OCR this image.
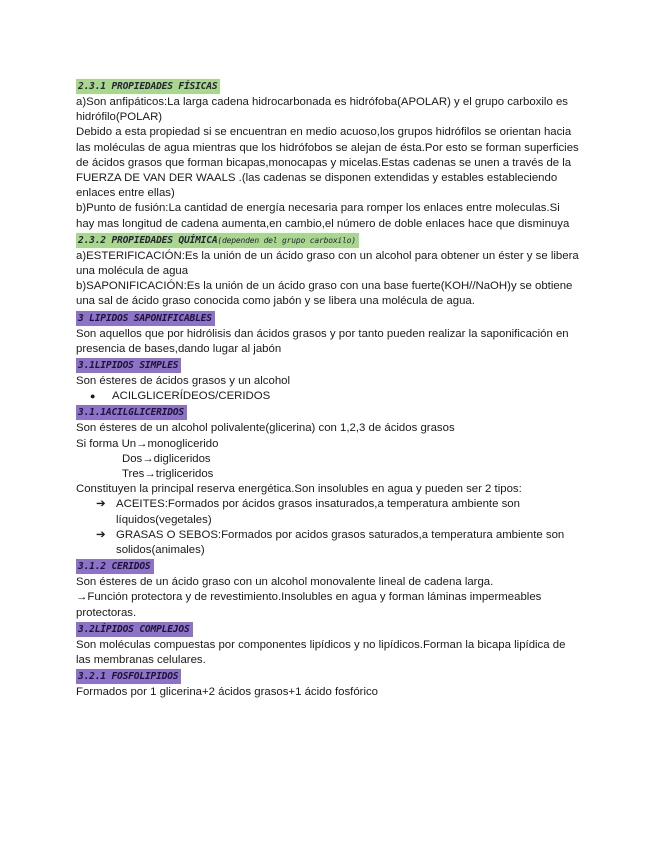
2.3.1 PROPIEDADES FÍSICAS

a)Son anfipáticos:La larga cadena hidrocarbonada es hidrófoba(APOLAR) y el grupo carboxilo es hidrófilo(POLAR)

Debido a esta propiedad si se encuentran en medio acuoso,los grupos hidrófilos se orientan hacia las moléculas de agua mientras que los hidrófobos se alejan de ésta.Por esto se forman superficies de ácidos grasos que forman bicapas,monocapas y micelas.Estas cadenas se unen a través de la FUERZA DE VAN DER WAALS .(las cadenas se disponen extendidas y estables estableciendo enlaces entre ellas)

b)Punto de fusión:La cantidad de energía necesaria para romper los enlaces entre moleculas.Si hay mas longitud de cadena aumenta,en cambio,el número de doble enlaces hace que disminuya

2.3.2 PROPIEDADES QUÍMICA(dependen del grupo carboxilo)

a)ESTERIFICACIÓN:Es la unión de un ácido graso con un alcohol para obtener un éster y se libera una molécula de agua

b)SAPONIFICACIÓN:Es la unión de un ácido graso con una base fuerte(KOH//NaOH)y se obtiene una sal de ácido graso conocida como jabón y se libera una molécula de agua.

3 LIPIDOS SAPONIFICABLES

Son aquellos que por hidrólisis dan ácidos grasos y por tanto pueden realizar la saponificación en presencia de bases,dando lugar al jabón

3.1LIPIDOS SIMPLES

Son ésteres de ácidos grasos y un alcohol

●	ACILGLICERÍDEOS/CERIDOS
3.1.1ACILGLICERIDOS

Son ésteres de un alcohol polivalente(glicerina) con 1,2,3 de ácidos grasos

Si forma Un→monoglicerido

Dos→digliceridos

Tres→trigliceridos

Constituyen la principal reserva energética.Son insolubles en agua y pueden ser 2 tipos:

➔ ACEITES:Formados por ácidos grasos insaturados,a temperatura ambiente son líquidos(vegetales)
➔ GRASAS O SEBOS:Formados por acidos grasos saturados,a temperatura ambiente son solidos(animales)
3.1.2 CERIDOS

Son ésteres de un ácido graso con un alcohol monovalente lineal de cadena larga.

→Función protectora y de revestimiento.Insolubles en agua y forman láminas impermeables protectoras.

3.2LÍPIDOS COMPLEJOS

Son moléculas compuestas por componentes lipídicos y no lipídicos.Forman la bicapa lipídica de las membranas celulares.

3.2.1 FOSFOLIPIDOS

Formados por 1 glicerina+2 ácidos grasos+1 ácido fosfórico
